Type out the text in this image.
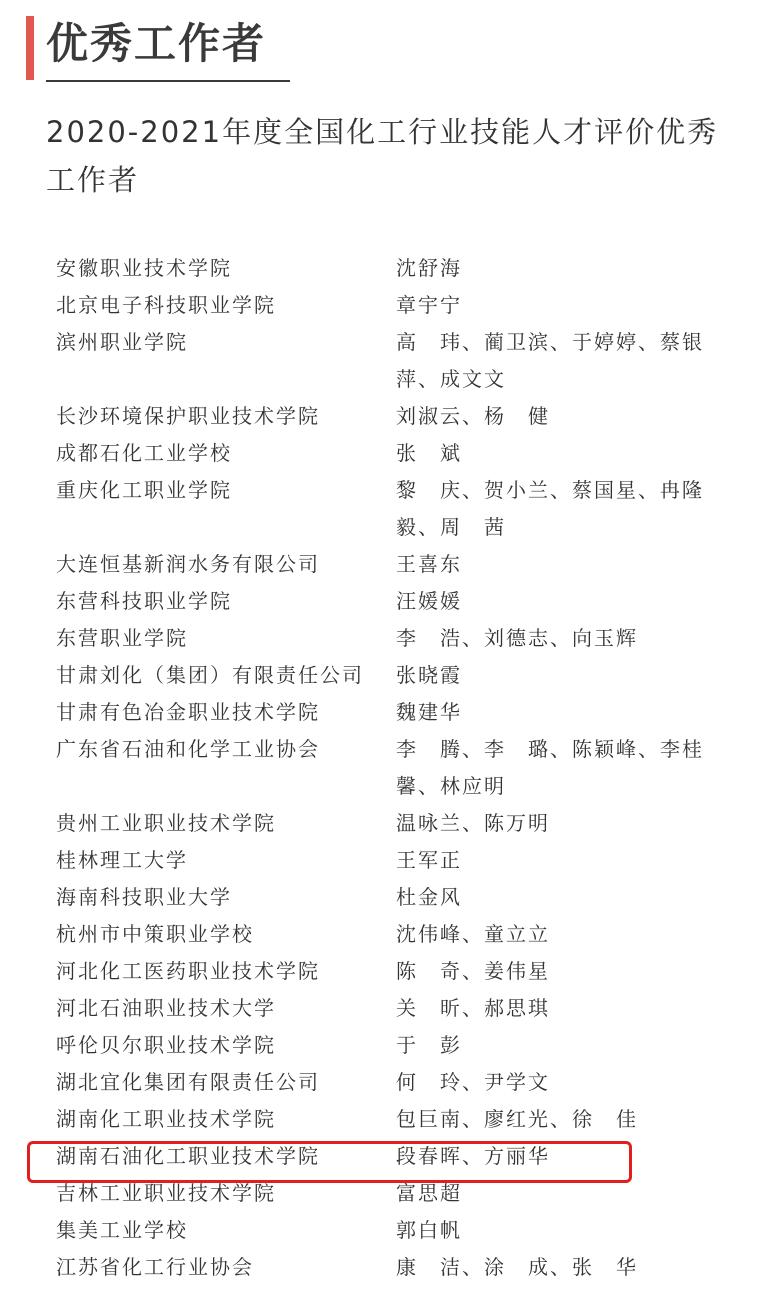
优秀工作者
2020-2021年度全国化工行业技能人才评价优秀工作者
安徽职业技术学院	沈舒海
北京电子科技职业学院	章宇宁
滨州职业学院	高　玮、蔺卫滨、于婷婷、蔡银萍、成文文
长沙环境保护职业技术学院	刘淑云、杨　健
成都石化工业学校	张　斌
重庆化工职业学院	黎　庆、贺小兰、蔡国星、冉隆毅、周　茜
大连恒基新润水务有限公司	王喜东
东营科技职业学院	汪媛媛
东营职业学院	李　浩、刘德志、向玉辉
甘肃刘化（集团）有限责任公司 张晓霞
甘肃有色冶金职业技术学院	魏建华
广东省石油和化学工业协会	李　腾、李　璐、陈颖峰、李桂馨、林应明
贵州工业职业技术学院	温咏兰、陈万明
桂林理工大学	王军正
海南科技职业大学	杜金风
杭州市中策职业学校	沈伟峰、童立立
河北化工医药职业技术学院	陈　奇、姜伟星
河北石油职业技术大学	关　昕、郝思琪
呼伦贝尔职业技术学院	于　彭
湖北宜化集团有限责任公司	何　玲、尹学文
湖南化工职业技术学院	包巨南、廖红光、徐　佳
湖南石油化工职业技术学院	段春晖、方丽华
吉林工业职业技术学院	富思超
集美工业学校	郭白帆
江苏省化工行业协会	康　洁、涂　成、张　华
